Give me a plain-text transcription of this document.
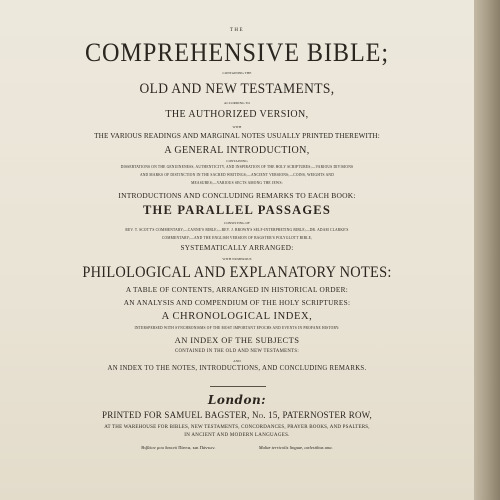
THE
COMPREHENSIVE BIBLE;
CONTAINING THE
OLD AND NEW TESTAMENTS,
ACCORDING TO
THE AUTHORIZED VERSION,
WITH
THE VARIOUS READINGS AND MARGINAL NOTES USUALLY PRINTED THEREWITH:
A GENERAL INTRODUCTION,
CONTAINING
DISSERTATIONS ON THE GENUINENESS, AUTHENTICITY, AND INSPIRATION OF THE HOLY SCRIPTURES;—VARIOUS DIVISIONS
AND MARKS OF DISTINCTION IN THE SACRED WRITINGS;—ANCIENT VERSIONS;—COINS, WEIGHTS AND
MEASURES;—VARIOUS SECTS AMONG THE JEWS:
INTRODUCTIONS AND CONCLUDING REMARKS TO EACH BOOK:
THE PARALLEL PASSAGES
CONSISTING OF
REV. T. SCOTT'S COMMENTARY;—CANNE'S BIBLE;—REV. J. BROWN'S SELF-INTERPRETING BIBLE;—DR. ADAM CLARKE'S
COMMENTARY;—AND THE ENGLISH VERSION OF BAGSTER'S POLYGLOTT BIBLE,
SYSTEMATICALLY ARRANGED:
WITH NUMEROUS
PHILOLOGICAL AND EXPLANATORY NOTES:
A TABLE OF CONTENTS, ARRANGED IN HISTORICAL ORDER:
AN ANALYSIS AND COMPENDIUM OF THE HOLY SCRIPTURES:
A CHRONOLOGICAL INDEX,
INTERSPERSED WITH SYNCHRONISMS OF THE MOST IMPORTANT EPOCHS AND EVENTS IN PROFANE HISTORY:
AN INDEX OF THE SUBJECTS
CONTAINED IN THE OLD AND NEW TESTAMENTS:
AND
AN INDEX TO THE NOTES, INTRODUCTIONS, AND CONCLUDING REMARKS.
London:
PRINTED FOR SAMUEL BAGSTER, No. 15, PATERNOSTER ROW,
AT THE WAREHOUSE FOR BIBLES, NEW TESTAMENTS, CONCORDANCES, PRAYER BOOKS, AND PSALTERS,
IN ANCIENT AND MODERN LANGUAGES.
Βιβλίον μου δεικνύ Πάντα, και Πάντων.	Multæ terricolis linguæ, cœlestibus una.
